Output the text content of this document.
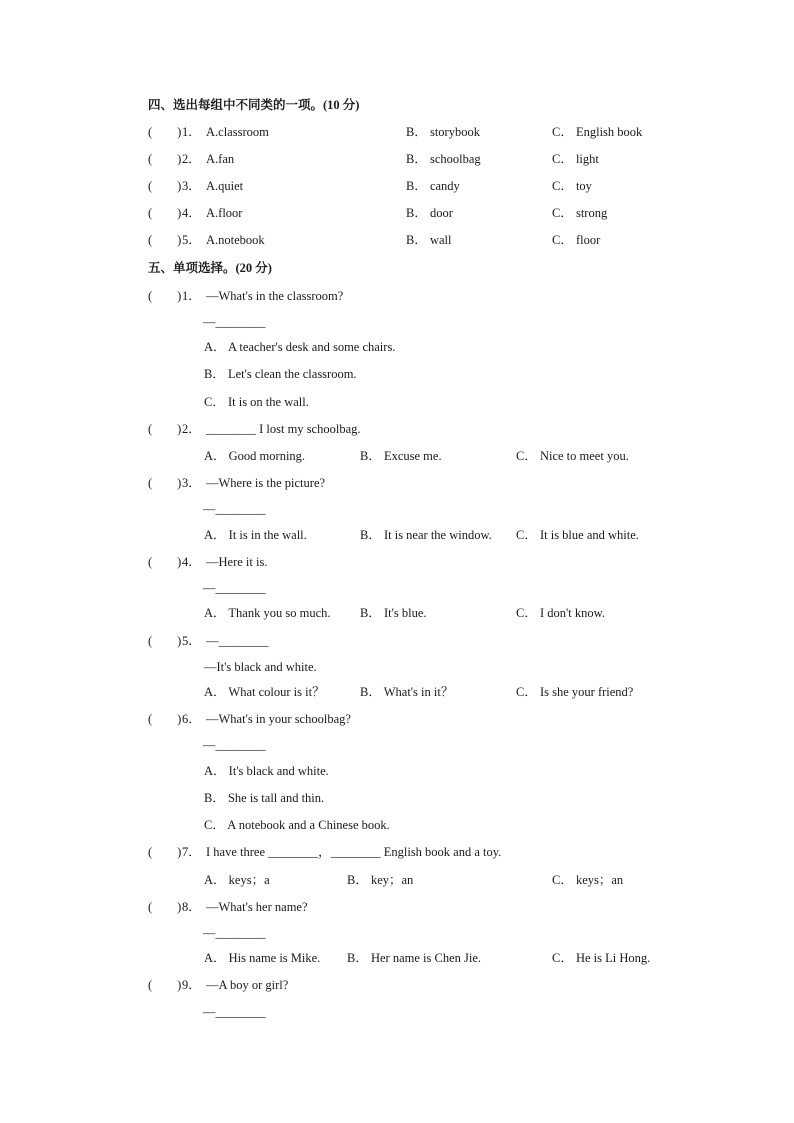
四、选出每组中不同类的一项。(10 分)
(        ) 1． A.classroom	B． storybook	C． English book
(        ) 2． A.fan	B． schoolbag	C． light
(        ) 3． A.quiet	B． candy	C． toy
(        ) 4． A.floor	B． door	C． strong
(        ) 5． A.notebook	B． wall	C． floor
五、单项选择。(20 分)
(        ) 1． —What's in the classroom?
—________
A． A teacher's desk and some chairs.
B． Let's clean the classroom.
C． It is on the wall.
(        ) 2． ________ I lost my schoolbag.
A． Good morning.	B． Excuse me.	C． Nice to meet you.
(        ) 3． —Where is the picture?
—________
A． It is in the wall.	B． It is near the window. C． It is blue and white.
(        ) 4． —Here it is.
—________
A． Thank you so much. B． It's blue.	C． I don't know.
(        ) 5． —________
—It's black and white.
A． What colour is it？	B． What's in it？	C． Is she your friend?
(        ) 6． —What's in your schoolbag?
—________
A． It's black and white.
B． She is tall and thin.
C． A notebook and a Chinese book.
(        ) 7． I have three ________，________ English book and a toy.
A． keys；a	B． key；an	C． keys；an
(        ) 8． —What's her name?
—________
A． His name is Mike. B． Her name is Chen Jie.	C． He is Li Hong.
(        ) 9． —A boy or girl?
—________
